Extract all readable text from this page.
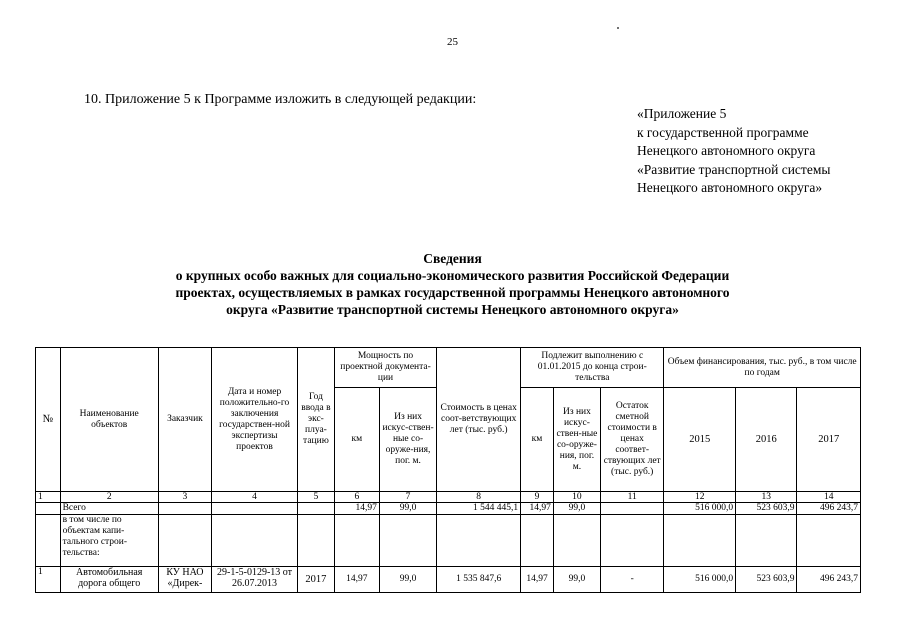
25
10. Приложение 5 к Программе изложить в следующей редакции:
«Приложение 5
к государственной программе
Ненецкого автономного округа
«Развитие транспортной системы
Ненецкого автономного округа»
Сведения
о крупных особо важных для социально-экономического развития Российской Федерации
проектах, осуществляемых в рамках государственной программы Ненецкого автономного
округа «Развитие транспортной системы Ненецкого автономного округа»
№	Наименование объектов	Заказчик	Дата и номер положительно-го заключения государствен-ной экспертизы проектов	Год ввода в экс-плуа-тацию	Мощность по проектной документа-ции		Стоимость в ценах соот-ветствующих лет (тыс. руб.)	Подлежит выполнению с 01.01.2015 до конца строи-тельства			Объем финансирования, тыс. руб., в том числе по годам		
					км	Из них искус-ствен-ные со-оруже-ния, пог. м.		км	Из них искус-ствен-ные со-оруже-ния, пог. м.	Остаток сметной стоимости в ценах соответ-ствующих лет (тыс. руб.)	2015	2016	2017
1	2	3	4	5	6	7	8	9	10	11	12	13	14
	Всего				14,97	99,0	1 544 445,1	14,97	99,0		516 000,0	523 603,9	496 243,7
	в том числе по объектам капи-тального строи-тельства:												
1	Автомобильная дорога общего	КУ НАО «Дирек-	29-1-5-0129-13 от 26.07.2013	2017	14,97	99,0	1 535 847,6	14,97	99,0	-	516 000,0	523 603,9	496 243,7
